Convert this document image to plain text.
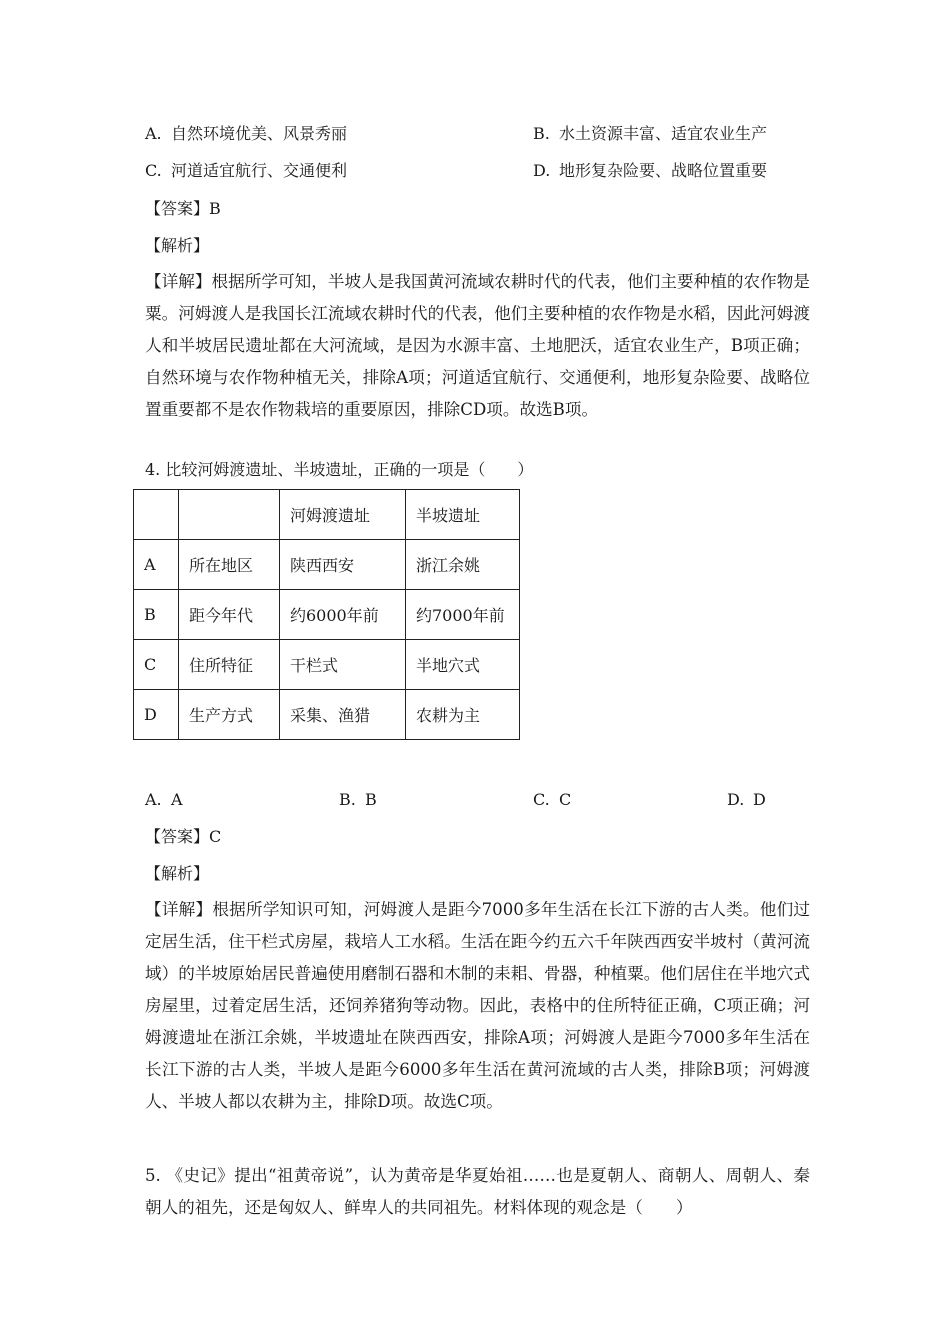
A. 自然环境优美、风景秀丽	B. 水土资源丰富、适宜农业生产
C. 河道适宜航行、交通便利	D. 地形复杂险要、战略位置重要
【答案】B
【解析】
【详解】根据所学可知，半坡人是我国黄河流域农耕时代的代表，他们主要种植的农作物是粟。河姆渡人是我国长江流域农耕时代的代表，他们主要种植的农作物是水稻，因此河姆渡人和半坡居民遗址都在大河流域，是因为水源丰富、土地肥沃，适宜农业生产，B项正确；自然环境与农作物种植无关，排除A项；河道适宜航行、交通便利，地形复杂险要、战略位置重要都不是农作物栽培的重要原因，排除CD项。故选B项。
4. 比较河姆渡遗址、半坡遗址，正确的一项是（　　）
		河姆渡遗址	半坡遗址
A	所在地区	陕西西安	浙江余姚
B	距今年代	约6000年前	约7000年前
C	住所特征	干栏式	半地穴式
D	生产方式	采集、渔猎	农耕为主
A. A	B. B	C. C	D. D
【答案】C
【解析】
【详解】根据所学知识可知，河姆渡人是距今7000多年生活在长江下游的古人类。他们过定居生活，住干栏式房屋，栽培人工水稻。生活在距今约五六千年陕西西安半坡村（黄河流域）的半坡原始居民普遍使用磨制石器和木制的耒耜、骨器，种植粟。他们居住在半地穴式房屋里，过着定居生活，还饲养猪狗等动物。因此，表格中的住所特征正确，C项正确；河姆渡遗址在浙江余姚，半坡遗址在陕西西安，排除A项；河姆渡人是距今7000多年生活在长江下游的古人类，半坡人是距今6000多年生活在黄河流域的古人类，排除B项；河姆渡人、半坡人都以农耕为主，排除D项。故选C项。
5. 《史记》提出“祖黄帝说”，认为黄帝是华夏始祖……也是夏朝人、商朝人、周朝人、秦朝人的祖先，还是匈奴人、鲜卑人的共同祖先。材料体现的观念是（　　）
